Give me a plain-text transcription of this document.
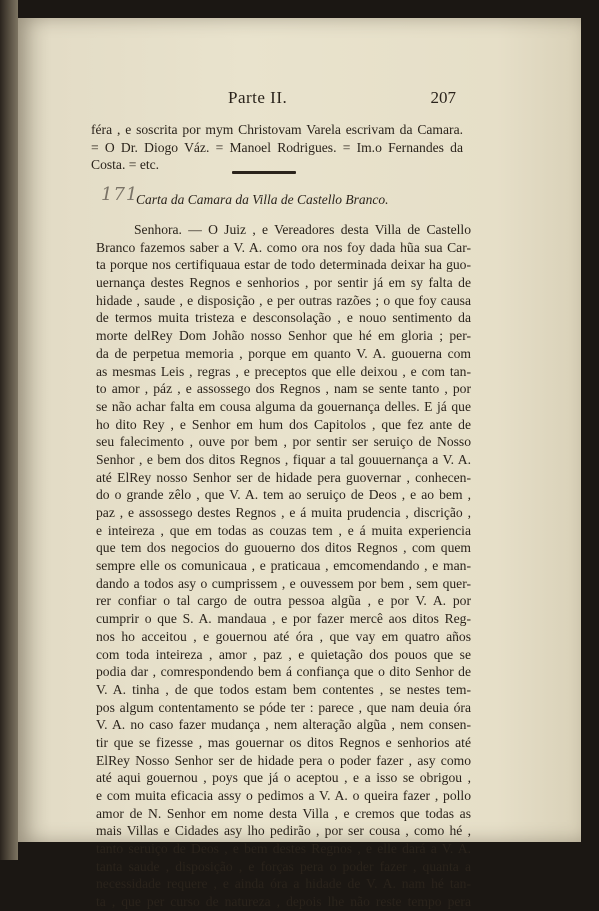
Parte II.	207
féra , e soscrita por mym Christovam Varela escrivam da Camara.
= O Dr. Diogo Váz. = Manoel Rodrigues. = Im.o Fernandes da
Costa. = etc.
171
Carta da Camara da Villa de Castello Branco.
Senhora. — O Juiz , e Vereadores desta Villa de Castello
Branco fazemos saber a V. A. como ora nos foy dada hũa sua Car-
ta porque nos certifiquaua estar de todo determinada deixar ha guo-
uernança destes Regnos e senhorios , por sentir já em sy falta de
hidade , saude , e disposição , e per outras razões ; o que foy causa
de termos muita tristeza e desconsolação , e nouo sentimento da
morte delRey Dom Johão nosso Senhor que hé em gloria ; per-
da de perpetua memoria , porque em quanto V. A. guouerna com
as mesmas Leis , regras , e preceptos que elle deixou , e com tan-
to amor , páz , e assossego dos Regnos , nam se sente tanto , por
se não achar falta em cousa alguma da gouernança delles. E já que
ho dito Rey , e Senhor em hum dos Capitolos , que fez ante de
seu falecimento , ouve por bem , por sentir ser seruiço de Nosso
Senhor , e bem dos ditos Regnos , fiquar a tal gouuernança a V. A.
até ElRey nosso Senhor ser de hidade pera guovernar , conhecen-
do o grande zêlo , que V. A. tem ao seruiço de Deos , e ao bem ,
paz , e assossego destes Regnos , e á muita prudencia , discrição ,
e inteireza , que em todas as couzas tem , e á muita experiencia
que tem dos negocios do guouerno dos ditos Regnos , com quem
sempre elle os comunicaua , e praticaua , emcomendando , e man-
dando a todos asy o cumprissem , e ouvessem por bem , sem quer-
rer confiar o tal cargo de outra pessoa algũa , e por V. A. por
cumprir o que S. A. mandaua , e por fazer mercê aos ditos Reg-
nos ho acceitou , e gouernou até óra , que vay em quatro años
com toda inteireza , amor , paz , e quietação dos pouos que se
podia dar , comrespondendo bem á confiança que o dito Senhor de
V. A. tinha , de que todos estam bem contentes , se nestes tem-
pos algum contentamento se póde ter : parece , que nam deuia óra
V. A. no caso fazer mudança , nem alteração algũa , nem consen-
tir que se fizesse , mas gouernar os ditos Regnos e senhorios até
ElRey Nosso Senhor ser de hidade pera o poder fazer , asy como
até aqui gouernou , poys que já o aceptou , e a isso se obrigou ,
e com muita eficacia assy o pedimos a V. A. o queira fazer , pollo
amor de N. Senhor em nome desta Villa , e cremos que todas as
mais Villas e Cidades asy lho pedirão , por ser cousa , como hé ,
tanto seruiço de Deos , e bem destes Regnos , e elle dará a V. A.
tanta saude , disposição , e forças pera o poder fazer , quanta a
necessidade requere , e ainda óra a hidade de V. A. nam hé tan-
ta , que per curso de natureza , depois lhe não reste tempo pera
